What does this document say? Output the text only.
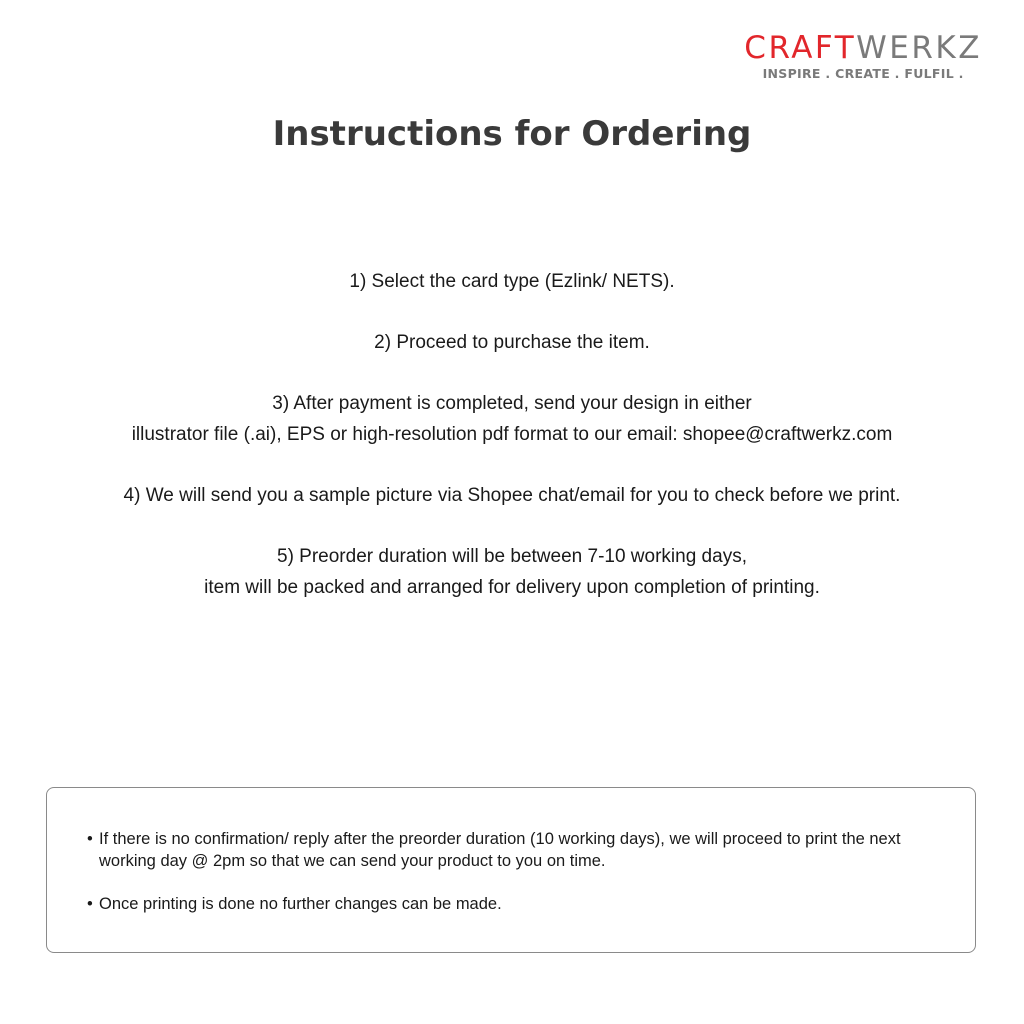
CRAFTWERKZ
INSPIRE . CREATE . FULFIL .
Instructions for Ordering

1) Select the card type (Ezlink/ NETS).

2) Proceed to purchase the item.

3) After payment is completed, send your design in either
illustrator file (.ai), EPS or high-resolution pdf format to our email: shopee@craftwerkz.com

4) We will send you a sample picture via Shopee chat/email for you to check before we print.

5) Preorder duration will be between 7-10 working days,
item will be packed and arranged for delivery upon completion of printing.

• If there is no confirmation/ reply after the preorder duration (10 working days), we will proceed to print the next working day @ 2pm so that we can send your product to you on time.
• Once printing is done no further changes can be made.
